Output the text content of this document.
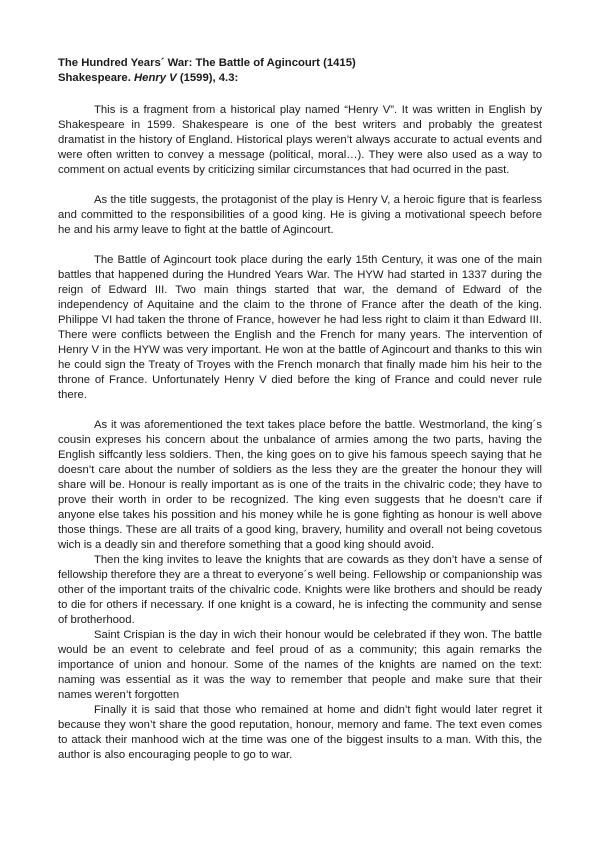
The Hundred Years´ War: The Battle of Agincourt (1415)

Shakespeare. Henry V (1599), 4.3:

This is a fragment from a historical play named “Henry V”. It was written in English by Shakespeare in 1599. Shakespeare is one of the best writers and probably the greatest dramatist in the history of England. Historical plays weren’t always accurate to actual events and were often written to convey a message (political, moral…). They were also used as a way to comment on actual events by criticizing similar circumstances that had ocurred in the past.

As the title suggests, the protagonist of the play is Henry V, a heroic figure that is fearless and committed to the responsibilities of a good king. He is giving a motivational speech before he and his army leave to fight at the battle of Agincourt.

The Battle of Agincourt took place during the early 15th Century, it was one of the main battles that happened during the Hundred Years War. The HYW had started in 1337 during the reign of Edward III. Two main things started that war, the demand of Edward of the independency of Aquitaine and the claim to the throne of France after the death of the king. Philippe VI had taken the throne of France, however he had less right to claim it than Edward III. There were conflicts between the English and the French for many years. The intervention of Henry V in the HYW was very important. He won at the battle of Agincourt and thanks to this win he could sign the Treaty of Troyes with the French monarch that finally made him his heir to the throne of France. Unfortunately Henry V died before the king of France and could never rule there.

As it was aforementioned the text takes place before the battle. Westmorland, the king´s cousin expreses his concern about the unbalance of armies among the two parts, having the English siffcantly less soldiers. Then, the king goes on to give his famous speech saying that he doesn’t care about the number of soldiers as the less they are the greater the honour they will share will be. Honour is really important as is one of the traits in the chivalric code; they have to prove their worth in order to be recognized. The king even suggests that he doesn’t care if anyone else takes his possition and his money while he is gone fighting as honour is well above those things. These are all traits of a good king, bravery, humility and overall not being covetous wich is a deadly sin and therefore something that a good king should avoid.

Then the king invites to leave the knights that are cowards as they don’t have a sense of fellowship therefore they are a threat to everyone´s well being. Fellowship or companionship was other of the important traits of the chivalric code. Knights were like brothers and should be ready to die for others if necessary. If one knight is a coward, he is infecting the community and sense of brotherhood.

Saint Crispian is the day in wich their honour would be celebrated if they won. The battle would be an event to celebrate and feel proud of as a community; this again remarks the importance of union and honour. Some of the names of the knights are named on the text: naming was essential as it was the way to remember that people and make sure that their names weren’t forgotten

Finally it is said that those who remained at home and didn’t fight would later regret it because they won’t share the good reputation, honour, memory and fame. The text even comes to attack their manhood wich at the time was one of the biggest insults to a man. With this, the author is also encouraging people to go to war.
